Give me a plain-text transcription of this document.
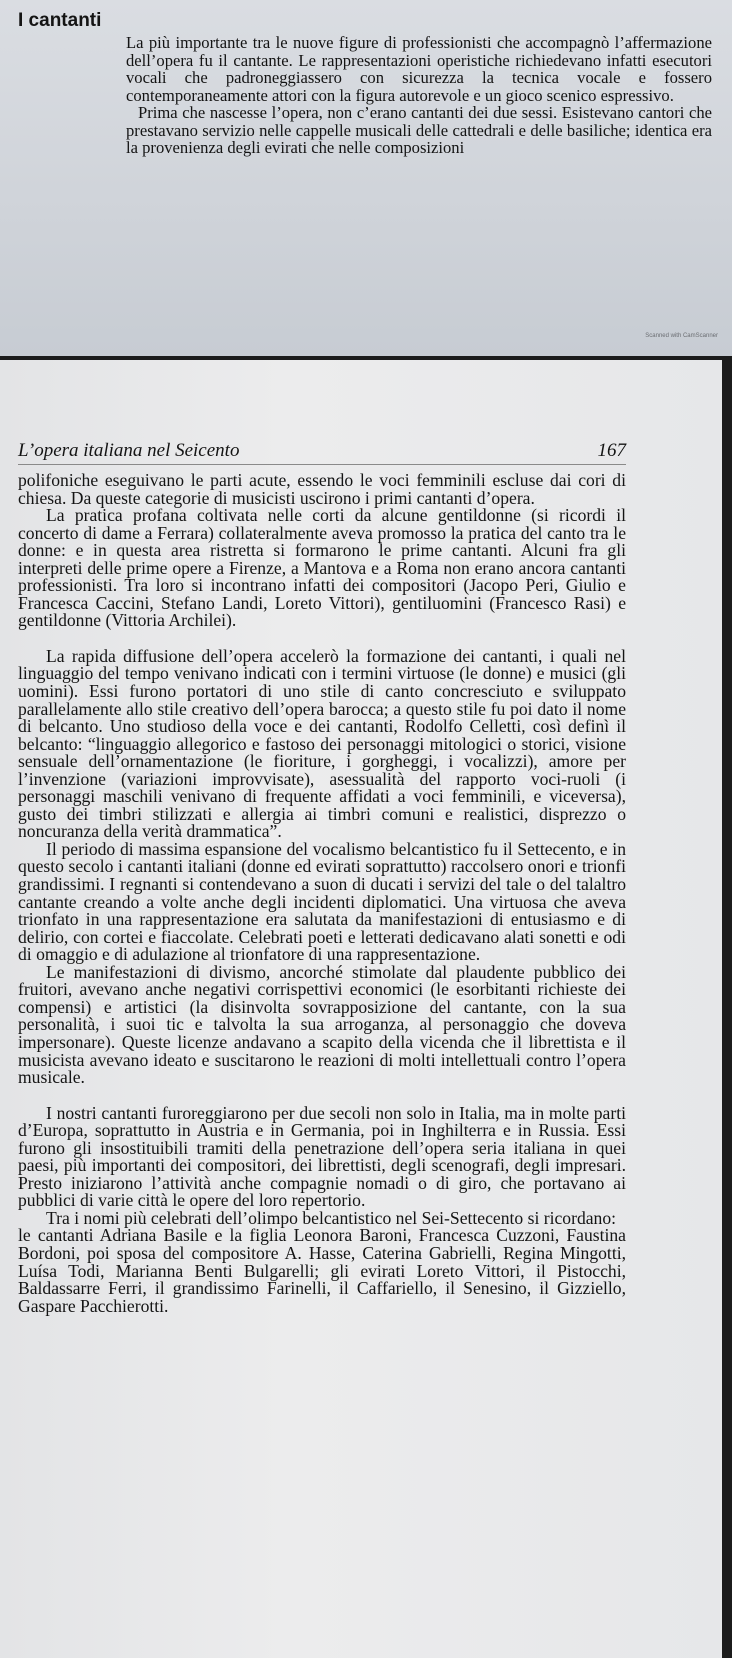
I cantanti

La più importante tra le nuove figure di professionisti che accompagnò l’affermazione dell’opera fu il cantante. Le rappresentazioni operistiche richiedevano infatti esecutori vocali che padroneggiassero con sicurezza la tecnica vocale e fossero contemporaneamente attori con la figura autorevole e un gioco scenico espressivo.

Prima che nascesse l’opera, non c’erano cantanti dei due sessi. Esistevano cantori che prestavano servizio nelle cappelle musicali delle cattedrali e delle basiliche; identica era la provenienza degli evirati che nelle composizioni

Scanned with CamScanner
L’opera italiana nel Seicento	167

polifoniche eseguivano le parti acute, essendo le voci femminili escluse dai cori di chiesa. Da queste categorie di musicisti uscirono i primi cantanti d’opera.

La pratica profana coltivata nelle corti da alcune gentildonne (si ricordi il concerto di dame a Ferrara) collateralmente aveva promosso la pratica del canto tra le donne: e in questa area ristretta si formarono le prime cantanti. Alcuni fra gli interpreti delle prime opere a Firenze, a Mantova e a Roma non erano ancora cantanti professionisti. Tra loro si incontrano infatti dei compositori (Jacopo Peri, Giulio e Francesca Caccini, Stefano Landi, Loreto Vittori), gentiluomini (Francesco Rasi) e gentildonne (Vittoria Archilei).

La rapida diffusione dell’opera accelerò la formazione dei cantanti, i quali nel linguaggio del tempo venivano indicati con i termini virtuose (le donne) e musici (gli uomini). Essi furono portatori di uno stile di canto concresciuto e sviluppato parallelamente allo stile creativo dell’opera barocca; a questo stile fu poi dato il nome di belcanto. Uno studioso della voce e dei cantanti, Rodolfo Celletti, così definì il belcanto: “linguaggio allegorico e fastoso dei personaggi mitologici o storici, visione sensuale dell’ornamentazione (le fioriture, i gorgheggi, i vocalizzi), amore per l’invenzione (variazioni improvvisate), asessualità del rapporto voci-ruoli (i personaggi maschili venivano di frequente affidati a voci femminili, e viceversa), gusto dei timbri stilizzati e allergia ai timbri comuni e realistici, disprezzo o noncuranza della verità drammatica”.

Il periodo di massima espansione del vocalismo belcantistico fu il Settecento, e in questo secolo i cantanti italiani (donne ed evirati soprattutto) raccolsero onori e trionfi grandissimi. I regnanti si contendevano a suon di ducati i servizi del tale o del talaltro cantante creando a volte anche degli incidenti diplomatici. Una virtuosa che aveva trionfato in una rappresentazione era salutata da manifestazioni di entusiasmo e di delirio, con cortei e fiaccolate. Celebrati poeti e letterati dedicavano alati sonetti e odi di omaggio e di adulazione al trionfatore di una rappresentazione.

Le manifestazioni di divismo, ancorché stimolate dal plaudente pubblico dei fruitori, avevano anche negativi corrispettivi economici (le esorbitanti richieste dei compensi) e artistici (la disinvolta sovrapposizione del cantante, con la sua personalità, i suoi tic e talvolta la sua arroganza, al personaggio che doveva impersonare). Queste licenze andavano a scapito della vicenda che il librettista e il musicista avevano ideato e suscitarono le reazioni di molti intellettuali contro l’opera musicale.

I nostri cantanti furoreggiarono per due secoli non solo in Italia, ma in molte parti d’Europa, soprattutto in Austria e in Germania, poi in Inghilterra e in Russia. Essi furono gli insostituibili tramiti della penetrazione dell’opera seria italiana in quei paesi, più importanti dei compositori, dei librettisti, degli scenografi, degli impresari. Presto iniziarono l’attività anche compagnie nomadi o di giro, che portavano ai pubblici di varie città le opere del loro repertorio.

Tra i nomi più celebrati dell’olimpo belcantistico nel Sei-Settecento si ricordano:

le cantanti Adriana Basile e la figlia Leonora Baroni, Francesca Cuzzoni, Faustina Bordoni, poi sposa del compositore A. Hasse, Caterina Gabrielli, Regina Mingotti, Luísa Todi, Marianna Benti Bulgarelli; gli evirati Loreto Vittori, il Pistocchi, Baldassarre Ferri, il grandissimo Farinelli, il Caffariello, il Senesino, il Gizziello, Gaspare Pacchierotti.
